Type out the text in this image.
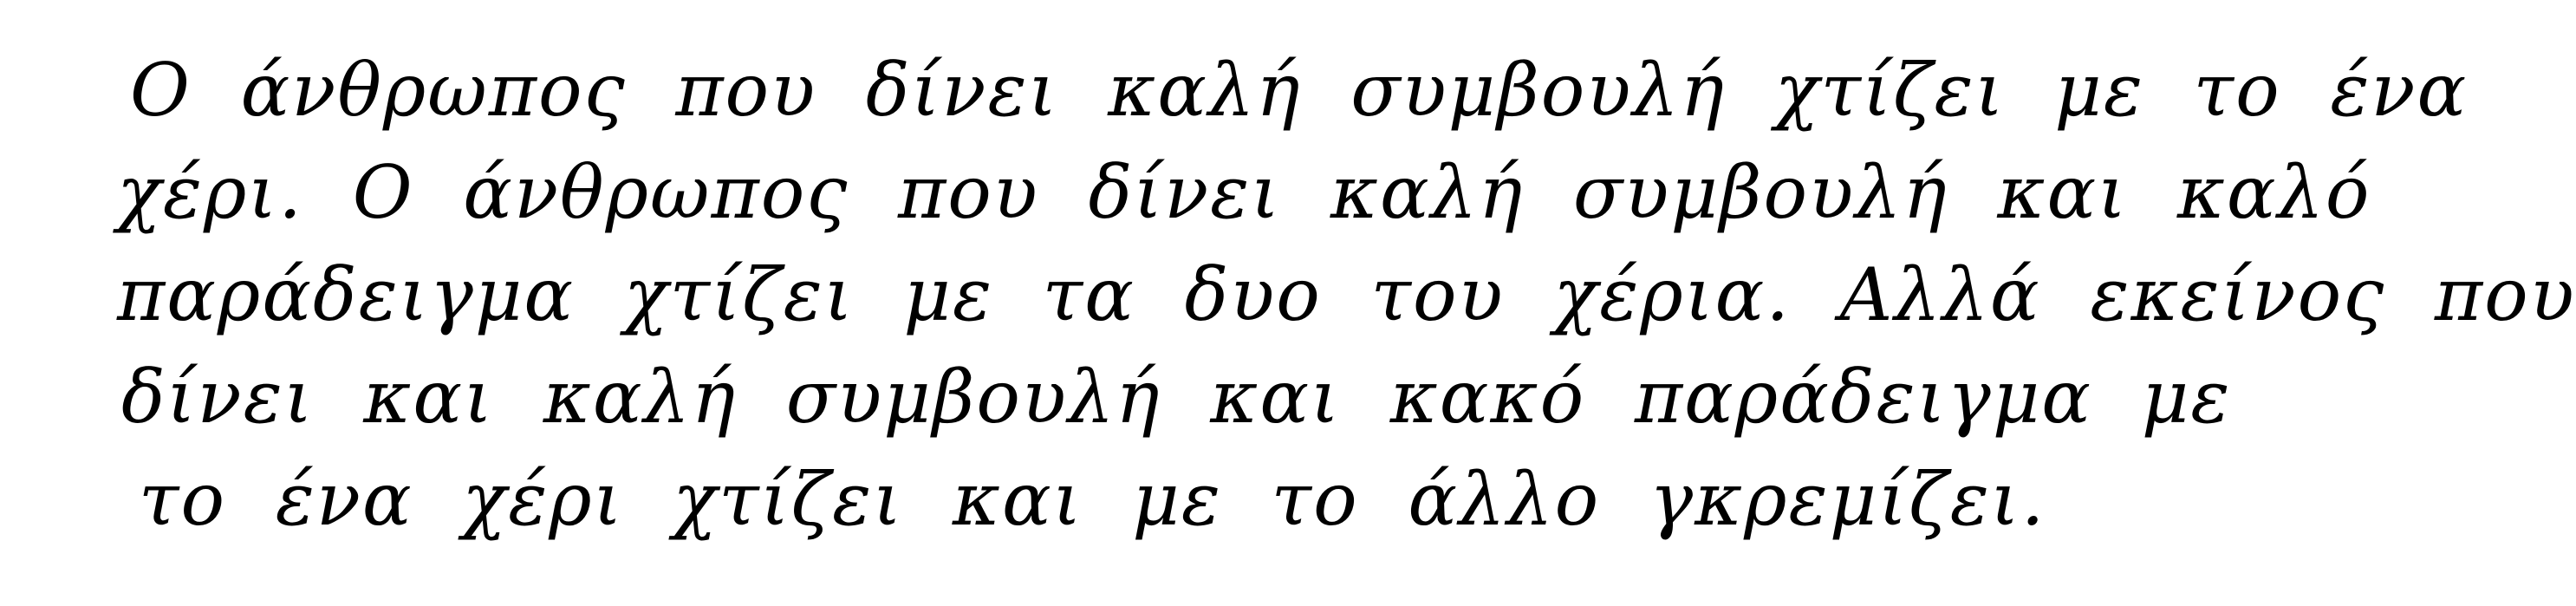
Ο άνθρωπος που δίνει καλή συμβουλή χτίζει με το ένα
χέρι. Ο άνθρωπος που δίνει καλή συμβουλή και καλό
παράδειγμα χτίζει με τα δυο του χέρια. Αλλά εκείνος που
δίνει και καλή συμβουλή και κακό παράδειγμα με
το ένα χέρι χτίζει και με το άλλο γκρεμίζει.
